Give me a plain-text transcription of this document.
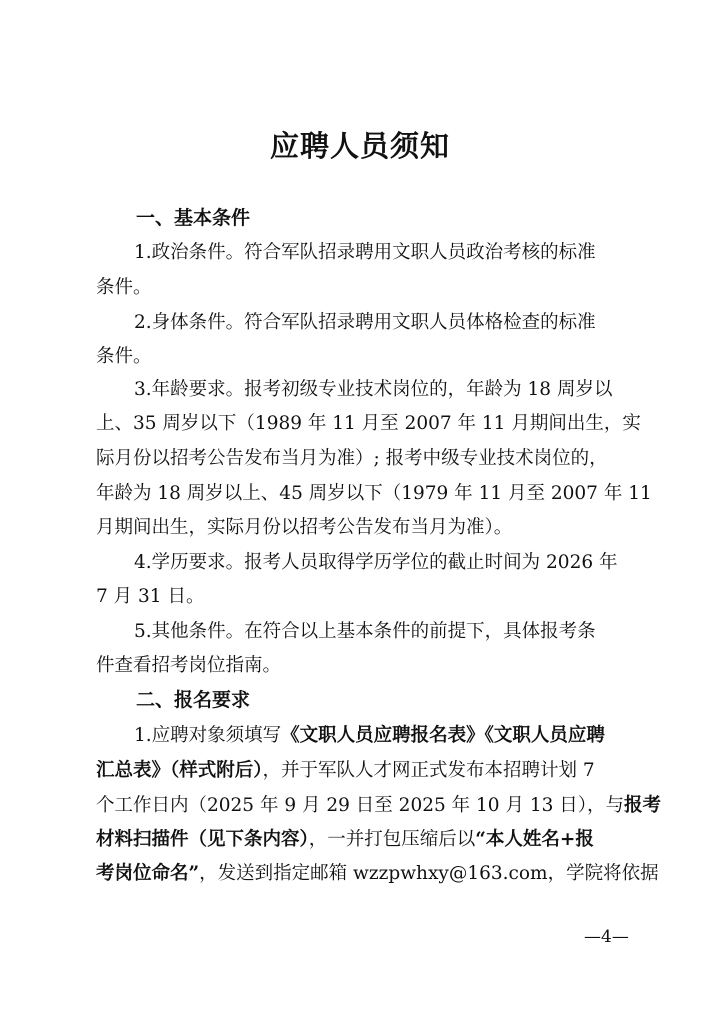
应聘人员须知
一、基本条件
1.政治条件。符合军队招录聘用文职人员政治考核的标准
条件。
2.身体条件。符合军队招录聘用文职人员体格检查的标准
条件。
3.年龄要求。报考初级专业技术岗位的，年龄为 18 周岁以
上、35 周岁以下（1989 年 11 月至 2007 年 11 月期间出生，实
际月份以招考公告发布当月为准）; 报考中级专业技术岗位的，
年龄为 18 周岁以上、45 周岁以下（1979 年 11 月至 2007 年 11
月期间出生，实际月份以招考公告发布当月为准）。
4.学历要求。报考人员取得学历学位的截止时间为 2026 年
7 月 31 日。
5.其他条件。在符合以上基本条件的前提下，具体报考条
件查看招考岗位指南。
二、报名要求
1.应聘对象须填写《文职人员应聘报名表》《文职人员应聘
汇总表》（样式附后），并于军队人才网正式发布本招聘计划 7
个工作日内（2025 年 9 月 29 日至 2025 年 10 月 13 日），与报考
材料扫描件（见下条内容），一并打包压缩后以“本人姓名+报
考岗位命名”，发送到指定邮箱 wzzpwhxy@163.com，学院将依据
—4—
